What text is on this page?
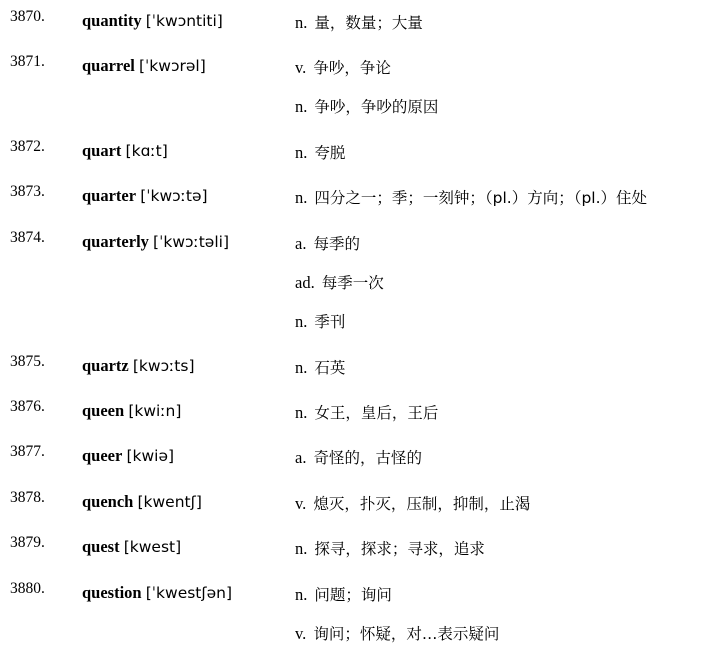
3870. quantity [ˈkwɔntiti]	n. 量，数量；大量
3871. quarrel [ˈkwɔrəl]	v. 争吵，争论
n. 争吵，争吵的原因
3872. quart [kɑːt]	n. 夸脱
3873. quarter [ˈkwɔːtə]	n. 四分之一；季；一刻钟；（pl.）方向；（pl.）住处
3874. quarterly [ˈkwɔːtəli]	a. 每季的
ad. 每季一次
n. 季刊
3875. quartz [kwɔːts]	n. 石英
3876. queen [kwiːn]	n. 女王，皇后，王后
3877. queer [kwiə]	a. 奇怪的，古怪的
3878. quench [kwentʃ]	v. 熄灭，扑灭，压制，抑制，止渴
3879. quest [kwest]	n. 探寻，探求；寻求，追求
3880. question [ˈkwestʃən]	n. 问题；询问
v. 询问；怀疑，对…表示疑问
